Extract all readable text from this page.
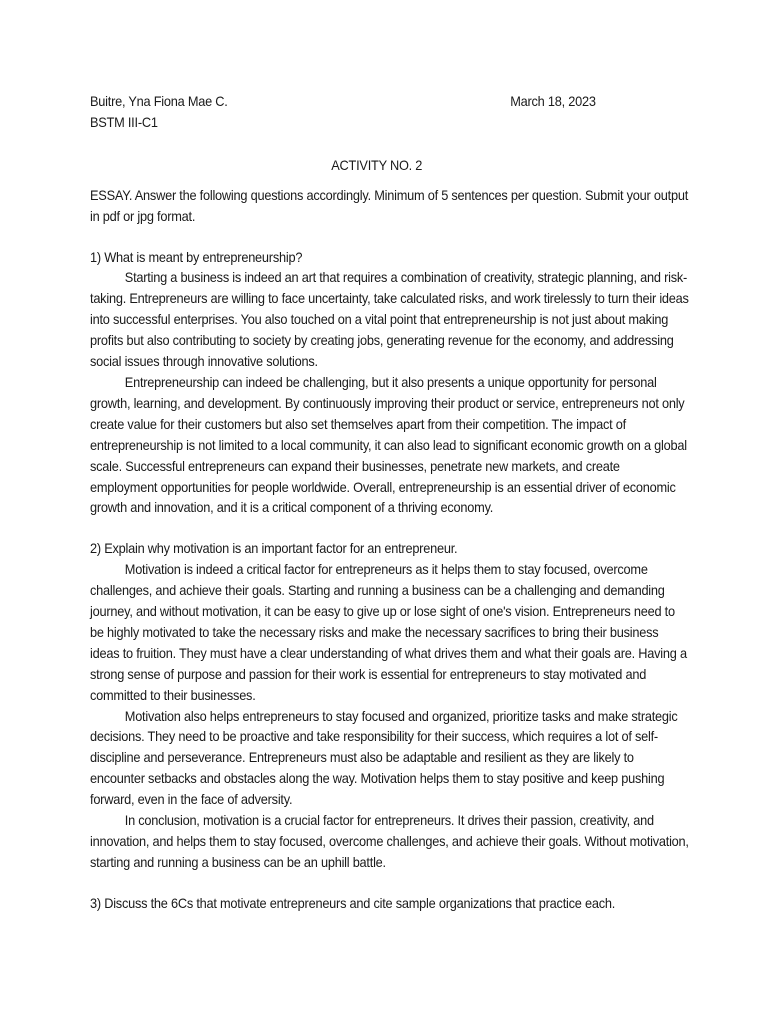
Buitre, Yna Fiona Mae C.	March 18, 2023
BSTM III-C1
ACTIVITY NO. 2

ESSAY. Answer the following questions accordingly. Minimum of 5 sentences per question. Submit your output in pdf or jpg format.

1) What is meant by entrepreneurship?

Starting a business is indeed an art that requires a combination of creativity, strategic planning, and risk-taking. Entrepreneurs are willing to face uncertainty, take calculated risks, and work tirelessly to turn their ideas into successful enterprises. You also touched on a vital point that entrepreneurship is not just about making profits but also contributing to society by creating jobs, generating revenue for the economy, and addressing social issues through innovative solutions.

Entrepreneurship can indeed be challenging, but it also presents a unique opportunity for personal growth, learning, and development. By continuously improving their product or service, entrepreneurs not only create value for their customers but also set themselves apart from their competition. The impact of entrepreneurship is not limited to a local community, it can also lead to significant economic growth on a global scale. Successful entrepreneurs can expand their businesses, penetrate new markets, and create employment opportunities for people worldwide. Overall, entrepreneurship is an essential driver of economic growth and innovation, and it is a critical component of a thriving economy.

2) Explain why motivation is an important factor for an entrepreneur.

Motivation is indeed a critical factor for entrepreneurs as it helps them to stay focused, overcome challenges, and achieve their goals. Starting and running a business can be a challenging and demanding journey, and without motivation, it can be easy to give up or lose sight of one's vision. Entrepreneurs need to be highly motivated to take the necessary risks and make the necessary sacrifices to bring their business ideas to fruition. They must have a clear understanding of what drives them and what their goals are. Having a strong sense of purpose and passion for their work is essential for entrepreneurs to stay motivated and committed to their businesses.

Motivation also helps entrepreneurs to stay focused and organized, prioritize tasks and make strategic decisions. They need to be proactive and take responsibility for their success, which requires a lot of self-discipline and perseverance. Entrepreneurs must also be adaptable and resilient as they are likely to encounter setbacks and obstacles along the way. Motivation helps them to stay positive and keep pushing forward, even in the face of adversity.

In conclusion, motivation is a crucial factor for entrepreneurs. It drives their passion, creativity, and innovation, and helps them to stay focused, overcome challenges, and achieve their goals. Without motivation, starting and running a business can be an uphill battle.

3) Discuss the 6Cs that motivate entrepreneurs and cite sample organizations that practice each.
